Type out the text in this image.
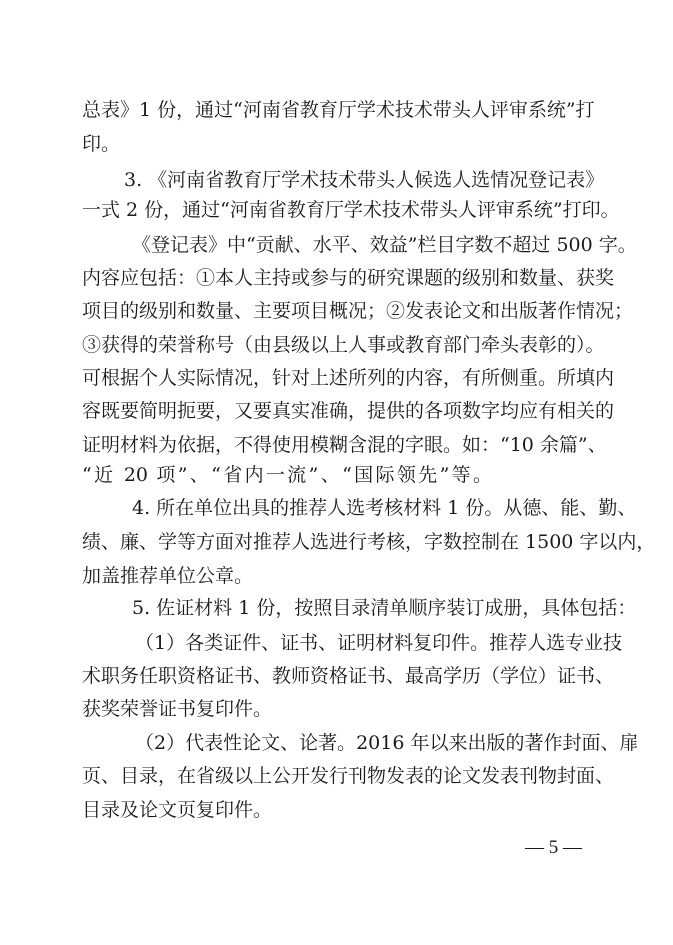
总表》1 份，通过“河南省教育厅学术技术带头人评审系统”打
印。
3. 《河南省教育厅学术技术带头人候选人选情况登记表》
一式 2 份，通过“河南省教育厅学术技术带头人评审系统”打印。
《登记表》中“贡献、水平、效益”栏目字数不超过 500 字。
内容应包括：①本人主持或参与的研究课题的级别和数量、获奖
项目的级别和数量、主要项目概况；②发表论文和出版著作情况；
③获得的荣誉称号（由县级以上人事或教育部门牵头表彰的）。
可根据个人实际情况，针对上述所列的内容，有所侧重。所填内
容既要简明扼要，又要真实准确，提供的各项数字均应有相关的
证明材料为依据，不得使用模糊含混的字眼。如：“10 余篇”、
“近 20 项”、“省内一流”、“国际领先”等。
4. 所在单位出具的推荐人选考核材料 1 份。从德、能、勤、
绩、廉、学等方面对推荐人选进行考核，字数控制在 1500 字以内，
加盖推荐单位公章。
5. 佐证材料 1 份，按照目录清单顺序装订成册，具体包括：
（1）各类证件、证书、证明材料复印件。推荐人选专业技
术职务任职资格证书、教师资格证书、最高学历（学位）证书、
获奖荣誉证书复印件。
（2）代表性论文、论著。2016 年以来出版的著作封面、扉
页、目录，在省级以上公开发行刊物发表的论文发表刊物封面、
目录及论文页复印件。
— 5 —
